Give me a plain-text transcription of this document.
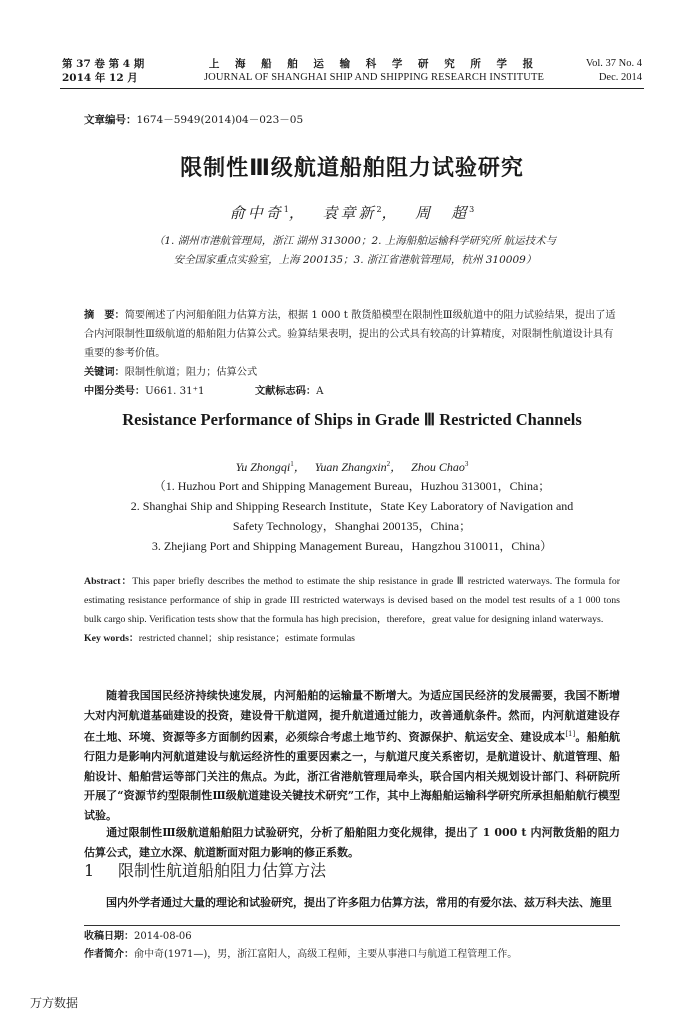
第 37 卷 第 4 期
2014 年 12 月
上 海 船 舶 运 输 科 学 研 究 所 学 报
JOURNAL OF SHANGHAI SHIP AND SHIPPING RESEARCH INSTITUTE
Vol. 37 No. 4
Dec. 2014
文章编号：1674－5949(2014)04－023－05
限制性Ⅲ级航道船舶阻力试验研究
俞中奇$^1$， 袁章新$^2$， 周　超$^3$
（1. 湖州市港航管理局，浙江 湖州 313000；2. 上海船舶运输科学研究所 航运技术与
安全国家重点实验室，上海 200135；3. 浙江省港航管理局，杭州 310009）
摘　要：简要阐述了内河船舶阻力估算方法，根据 1 000 t 散货船模型在限制性Ⅲ级航道中的阻力试验结果，提出了适合内河限制性Ⅲ级航道的船舶阻力估算公式。验算结果表明，提出的公式具有较高的计算精度，对限制性航道设计具有重要的参考价值。
关键词：限制性航道；阻力；估算公式
中图分类号：U661. 31⁺1	文献标志码：A
Resistance Performance of Ships in Grade Ⅲ Restricted Channels
Yu Zhongqi$^1$， Yuan Zhangxin$^2$， Zhou Chao$^3$
（1. Huzhou Port and Shipping Management Bureau，Huzhou 313001，China；
2. Shanghai Ship and Shipping Research Institute，State Key Laboratory of Navigation and
Safety Technology，Shanghai 200135，China；
3. Zhejiang Port and Shipping Management Bureau，Hangzhou 310011，China）
Abstract：This paper briefly describes the method to estimate the ship resistance in grade Ⅲ restricted waterways. The formula for estimating resistance performance of ship in grade III restricted waterways is devised based on the model test results of a 1 000 tons bulk cargo ship. Verification tests show that the formula has high precision，therefore，great value for designing inland waterways.
Key words：restricted channel；ship resistance；estimate formulas
随着我国国民经济持续快速发展，内河船舶的运输量不断增大。为适应国民经济的发展需要，我国不断增大对内河航道基础建设的投资，建设骨干航道网，提升航道通过能力，改善通航条件。然而，内河航道建设存在土地、环境、资源等多方面制约因素，必须综合考虑土地节约、资源保护、航运安全、建设成本[1]。船舶航行阻力是影响内河航道建设与航运经济性的重要因素之一，与航道尺度关系密切，是航道设计、航道管理、船舶设计、船舶营运等部门关注的焦点。为此，浙江省港航管理局牵头，联合国内相关规划设计部门、科研院所开展了“资源节约型限制性Ⅲ级航道建设关键技术研究”工作，其中上海船舶运输科学研究所承担船舶航行模型试验。
通过限制性Ⅲ级航道船舶阻力试验研究，分析了船舶阻力变化规律，提出了 1 000 t 内河散货船的阻力估算公式，建立水深、航道断面对阻力影响的修正系数。
1 限制性航道船舶阻力估算方法
国内外学者通过大量的理论和试验研究，提出了许多阻力估算方法，常用的有爱尔法、兹万科夫法、施里
收稿日期：2014-08-06
作者简介：俞中奇(1971—)，男，浙江富阳人，高级工程师，主要从事港口与航道工程管理工作。
万方数据
